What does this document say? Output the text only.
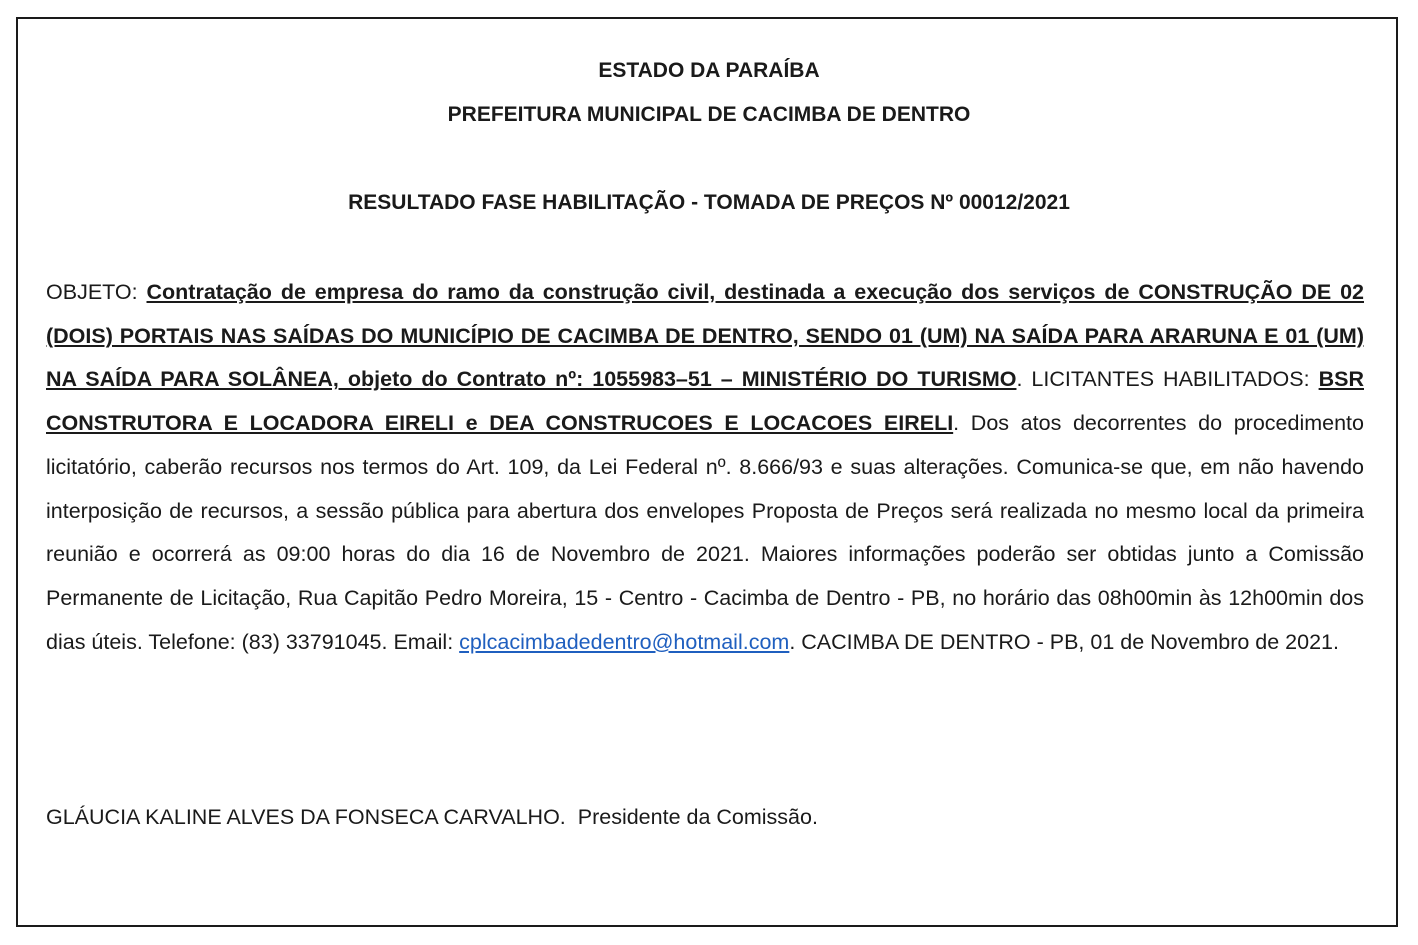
ESTADO DA PARAÍBA
PREFEITURA MUNICIPAL DE CACIMBA DE DENTRO
RESULTADO FASE HABILITAÇÃO - TOMADA DE PREÇOS Nº 00012/2021
OBJETO: Contratação de empresa do ramo da construção civil, destinada a execução dos serviços de CONSTRUÇÃO DE 02 (DOIS) PORTAIS NAS SAÍDAS DO MUNICÍPIO DE CACIMBA DE DENTRO, SENDO 01 (UM) NA SAÍDA PARA ARARUNA E 01 (UM) NA SAÍDA PARA SOLÂNEA, objeto do Contrato nº: 1055983–51 – MINISTÉRIO DO TURISMO. LICITANTES HABILITADOS: BSR CONSTRUTORA E LOCADORA EIRELI e DEA CONSTRUCOES E LOCACOES EIRELI. Dos atos decorrentes do procedimento licitatório, caberão recursos nos termos do Art. 109, da Lei Federal nº. 8.666/93 e suas alterações. Comunica-se que, em não havendo interposição de recursos, a sessão pública para abertura dos envelopes Proposta de Preços será realizada no mesmo local da primeira reunião e ocorrerá as 09:00 horas do dia 16 de Novembro de 2021. Maiores informações poderão ser obtidas junto a Comissão Permanente de Licitação, Rua Capitão Pedro Moreira, 15 - Centro - Cacimba de Dentro - PB, no horário das 08h00min às 12h00min dos dias úteis. Telefone: (83) 33791045. Email: cplcacimbadedentro@hotmail.com. CACIMBA DE DENTRO - PB, 01 de Novembro de 2021.
GLÁUCIA KALINE ALVES DA FONSECA CARVALHO. Presidente da Comissão.
